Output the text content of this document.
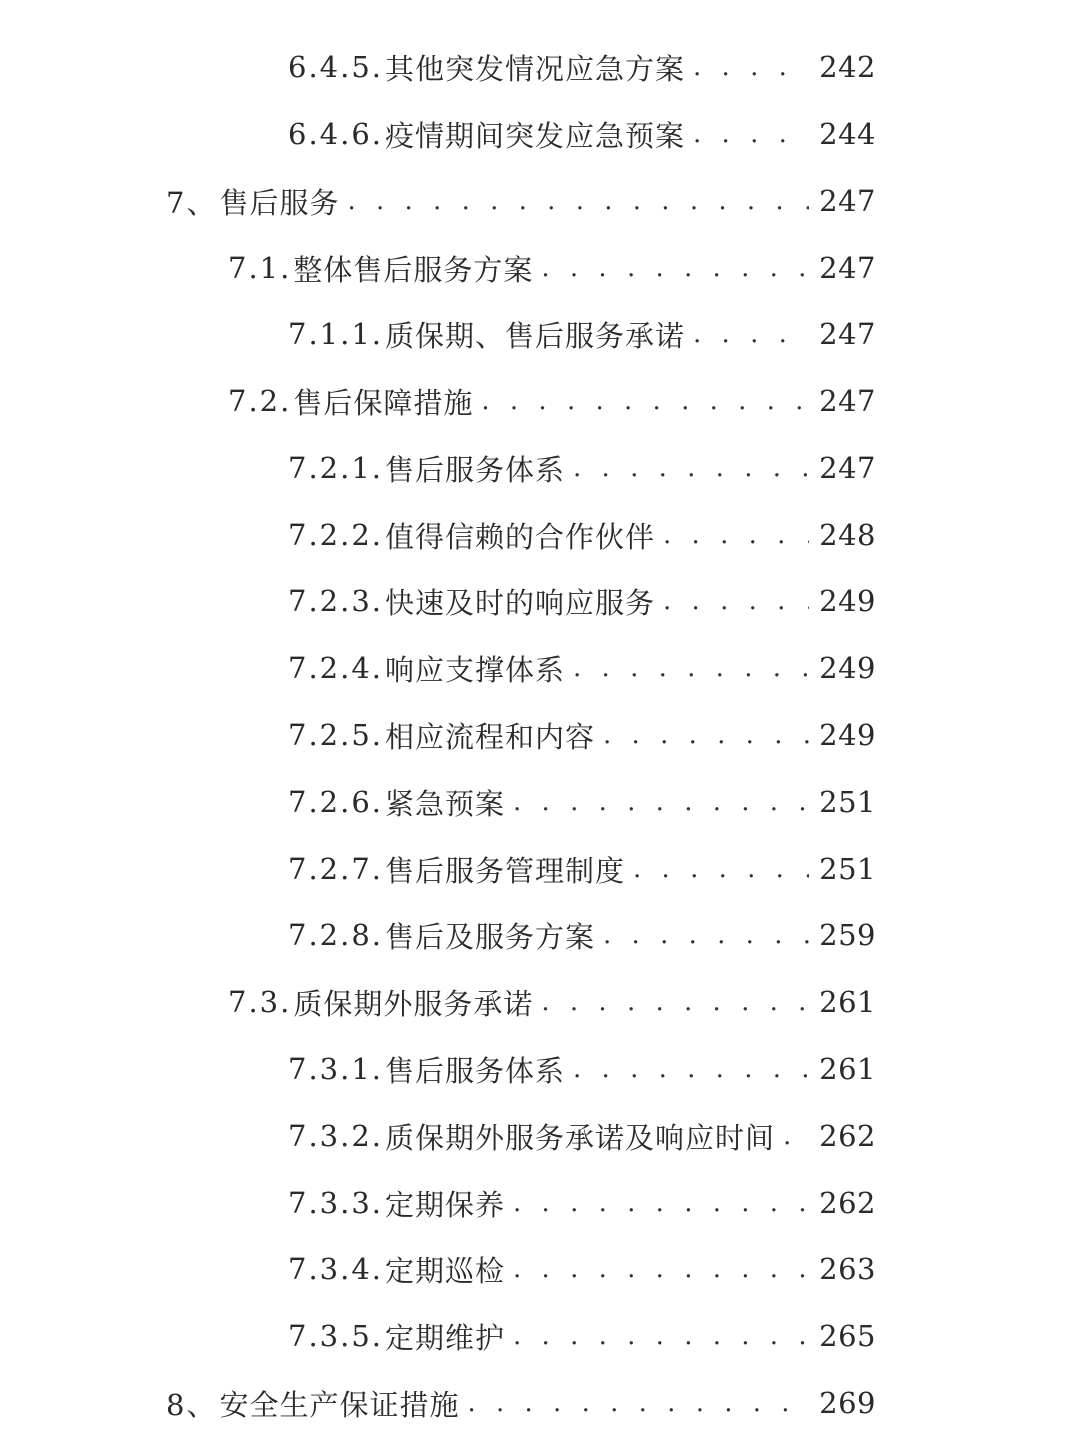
6.4.5. 其他突发情况应急方案 . . .	242
6.4.6. 疫情期间突发应急预案 . . .	244
7、 售后服务 . . .	247
7.1. 整体售后服务方案 . . .	247
7.1.1. 质保期、售后服务承诺 . . .	247
7.2. 售后保障措施 . . .	247
7.2.1. 售后服务体系 . . .	247
7.2.2. 值得信赖的合作伙伴 . . .	248
7.2.3. 快速及时的响应服务 . . .	249
7.2.4. 响应支撑体系 . . .	249
7.2.5. 相应流程和内容 . . .	249
7.2.6. 紧急预案 . . .	251
7.2.7. 售后服务管理制度 . . .	251
7.2.8. 售后及服务方案 . . .	259
7.3. 质保期外服务承诺 . . .	261
7.3.1. 售后服务体系 . . .	261
7.3.2. 质保期外服务承诺及响应时间 . . . 262
7.3.3. 定期保养 . . .	262
7.3.4. 定期巡检 . . .	263
7.3.5. 定期维护 . . .	265
8、 安全生产保证措施 . . .	269
